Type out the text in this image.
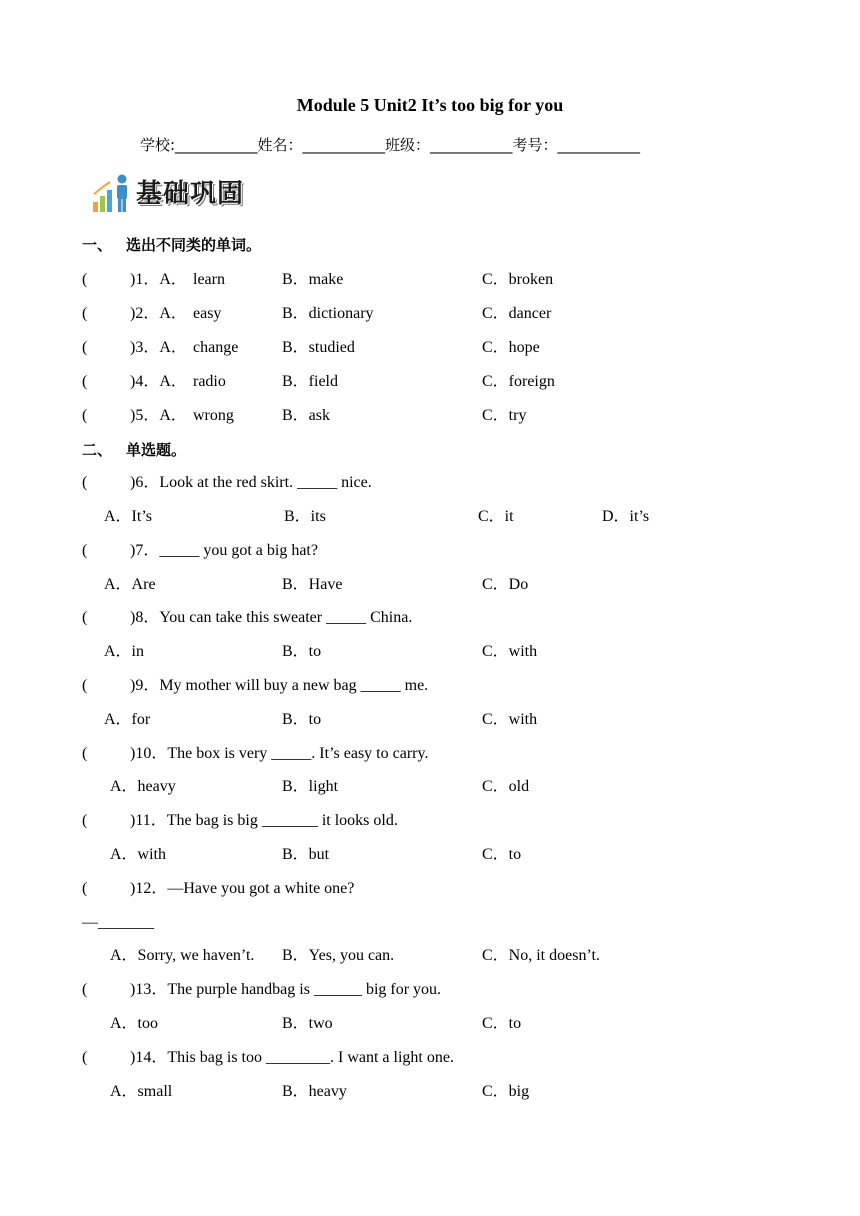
Module 5 Unit2 It’s too big for you
学校:___________姓名：___________班级：___________考号：___________
基础巩固
一、 选出不同类的单词。
(	)1．A． learn	B．make	C．broken
(	)2．A． easy	B．dictionary	C．dancer
(	)3．A． change	B．studied	C．hope
(	)4．A． radio	B．field	C．foreign
(	)5．A． wrong	B．ask	C．try
二、 单选题。
(	)6．Look at the red skirt. _____ nice.
A．It’s	B．its	C．it	D．it’s
(	)7．_____ you got a big hat?
A．Are	B．Have	C．Do
(	)8．You can take this sweater _____ China.
A．in	B．to	C．with
(	)9．My mother will buy a new bag _____ me.
A．for	B．to	C．with
(	)10．The box is very _____. It’s easy to carry.
A．heavy	B．light	C．old
(	)11．The bag is big _______ it looks old.
A．with	B．but	C．to
(	)12．—Have you got a white one?
—_______
A．Sorry, we haven’t. B．Yes, you can.	C．No, it doesn’t.
(	)13．The purple handbag is ______ big for you.
A．too	B．two	C．to
(	)14．This bag is too ________. I want a light one.
A．small	B．heavy	C．big
